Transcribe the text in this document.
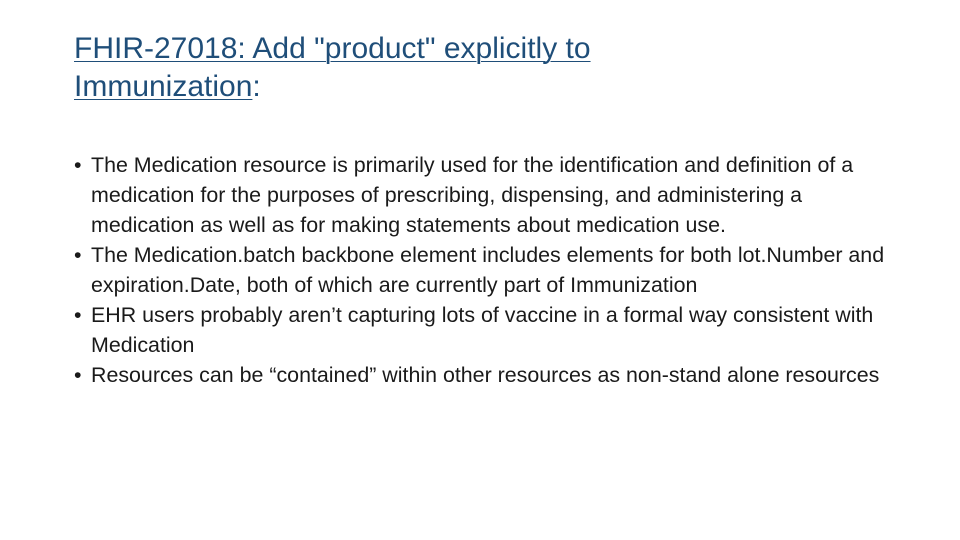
FHIR-27018: Add "product" explicitly to Immunization:
• The Medication resource is primarily used for the identification and definition of a medication for the purposes of prescribing, dispensing, and administering a medication as well as for making statements about medication use.
• The Medication.batch backbone element includes elements for both lot.Number and expiration.Date, both of which are currently part of Immunization
• EHR users probably aren’t capturing lots of vaccine in a formal way consistent with Medication
• Resources can be “contained” within other resources as non-stand alone resources
